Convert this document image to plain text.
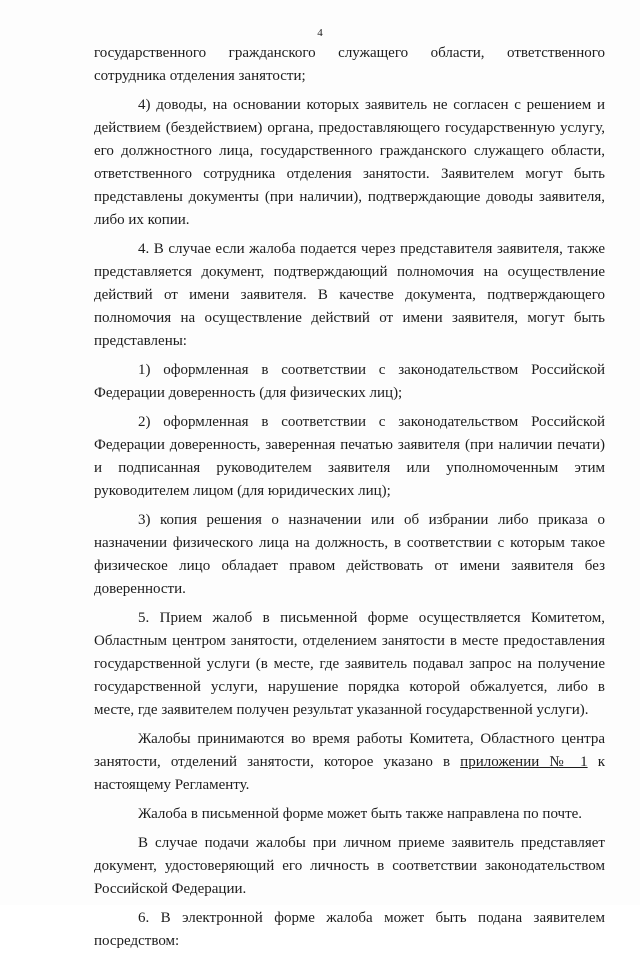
4

государственного гражданского служащего области, ответственного сотрудника отделения занятости;

4) доводы, на основании которых заявитель не согласен с решением и действием (бездействием) органа, предоставляющего государственную услугу, его должностного лица, государственного гражданского служащего области, ответственного сотрудника отделения занятости. Заявителем могут быть представлены документы (при наличии), подтверждающие доводы заявителя, либо их копии.

4. В случае если жалоба подается через представителя заявителя, также представляется документ, подтверждающий полномочия на осуществление действий от имени заявителя. В качестве документа, подтверждающего полномочия на осуществление действий от имени заявителя, могут быть представлены:

1) оформленная в соответствии с законодательством Российской Федерации доверенность (для физических лиц);

2) оформленная в соответствии с законодательством Российской Федерации доверенность, заверенная печатью заявителя (при наличии печати) и подписанная руководителем заявителя или уполномоченным этим руководителем лицом (для юридических лиц);

3) копия решения о назначении или об избрании либо приказа о назначении физического лица на должность, в соответствии с которым такое физическое лицо обладает правом действовать от имени заявителя без доверенности.

5. Прием жалоб в письменной форме осуществляется Комитетом, Областным центром занятости, отделением занятости в месте предоставления государственной услуги (в месте, где заявитель подавал запрос на получение государственной услуги, нарушение порядка которой обжалуется, либо в месте, где заявителем получен результат указанной государственной услуги).

Жалобы принимаются во время работы Комитета, Областного центра занятости, отделений занятости, которое указано в приложении № 1 к настоящему Регламенту.

Жалоба в письменной форме может быть также направлена по почте.

В случае подачи жалобы при личном приеме заявитель представляет документ, удостоверяющий его личность в соответствии законодательством Российской Федерации.

6. В электронной форме жалоба может быть подана заявителем посредством:
